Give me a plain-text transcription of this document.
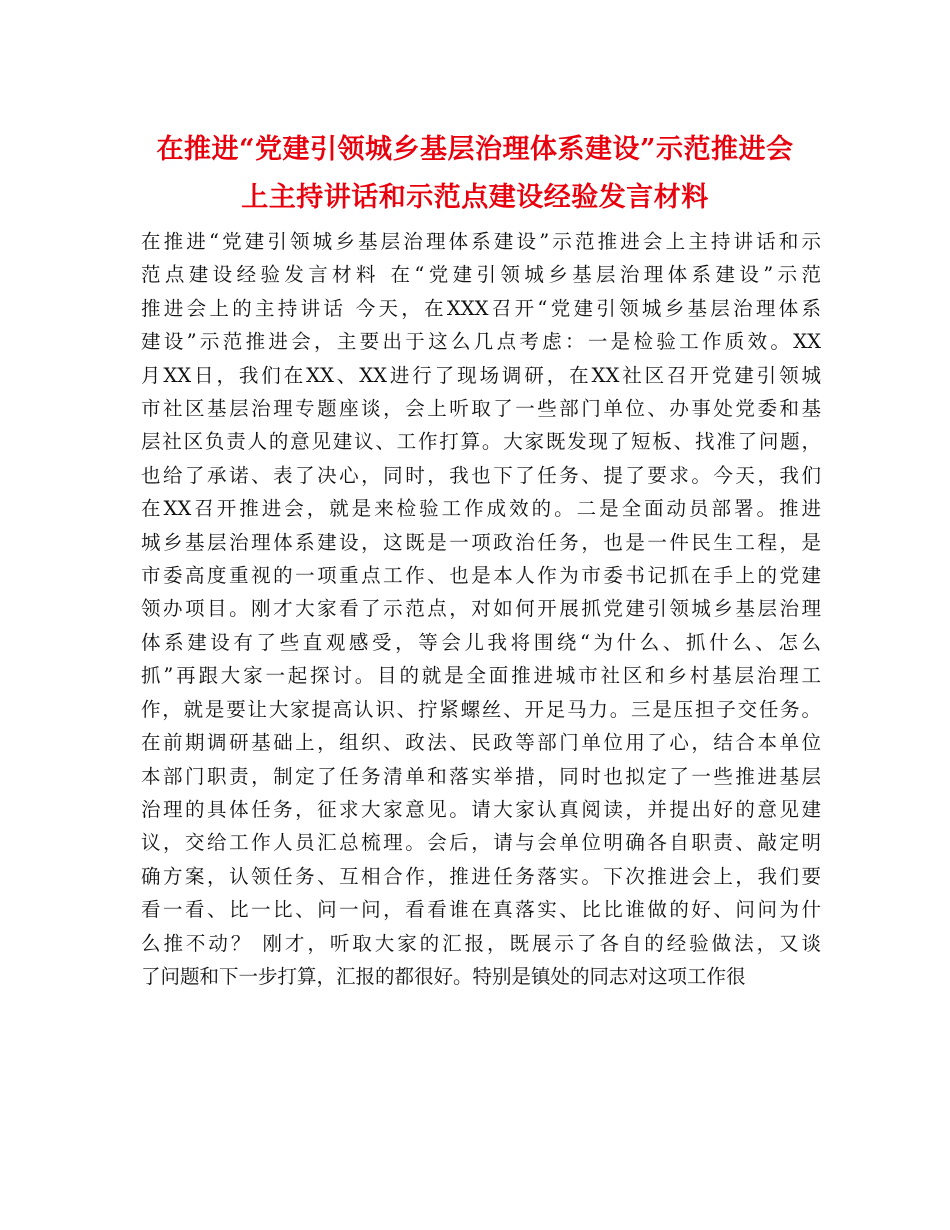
在推进“党建引领城乡基层治理体系建设”示范推进会
上主持讲话和示范点建设经验发言材料
在推进“党建引领城乡基层治理体系建设”示范推进会上主持讲话和示
范点建设经验发言材料 在“党建引领城乡基层治理体系建设”示范
推进会上的主持讲话 今天，在XXX召开“党建引领城乡基层治理体系
建设”示范推进会，主要出于这么几点考虑：一是检验工作质效。XX
月XX日，我们在XX、XX进行了现场调研，在XX社区召开党建引领城
市社区基层治理专题座谈，会上听取了一些部门单位、办事处党委和基
层社区负责人的意见建议、工作打算。大家既发现了短板、找准了问题，
也给了承诺、表了决心，同时，我也下了任务、提了要求。今天，我们
在XX召开推进会，就是来检验工作成效的。二是全面动员部署。推进
城乡基层治理体系建设，这既是一项政治任务，也是一件民生工程，是
市委高度重视的一项重点工作、也是本人作为市委书记抓在手上的党建
领办项目。刚才大家看了示范点，对如何开展抓党建引领城乡基层治理
体系建设有了些直观感受，等会儿我将围绕“为什么、抓什么、怎么
抓”再跟大家一起探讨。目的就是全面推进城市社区和乡村基层治理工
作，就是要让大家提高认识、拧紧螺丝、开足马力。三是压担子交任务。
在前期调研基础上，组织、政法、民政等部门单位用了心，结合本单位
本部门职责，制定了任务清单和落实举措，同时也拟定了一些推进基层
治理的具体任务，征求大家意见。请大家认真阅读，并提出好的意见建
议，交给工作人员汇总梳理。会后，请与会单位明确各自职责、敲定明
确方案，认领任务、互相合作，推进任务落实。下次推进会上，我们要
看一看、比一比、问一问，看看谁在真落实、比比谁做的好、问问为什
么推不动？ 刚才，听取大家的汇报，既展示了各自的经验做法，又谈
了问题和下一步打算，汇报的都很好。特别是镇处的同志对这项工作很
